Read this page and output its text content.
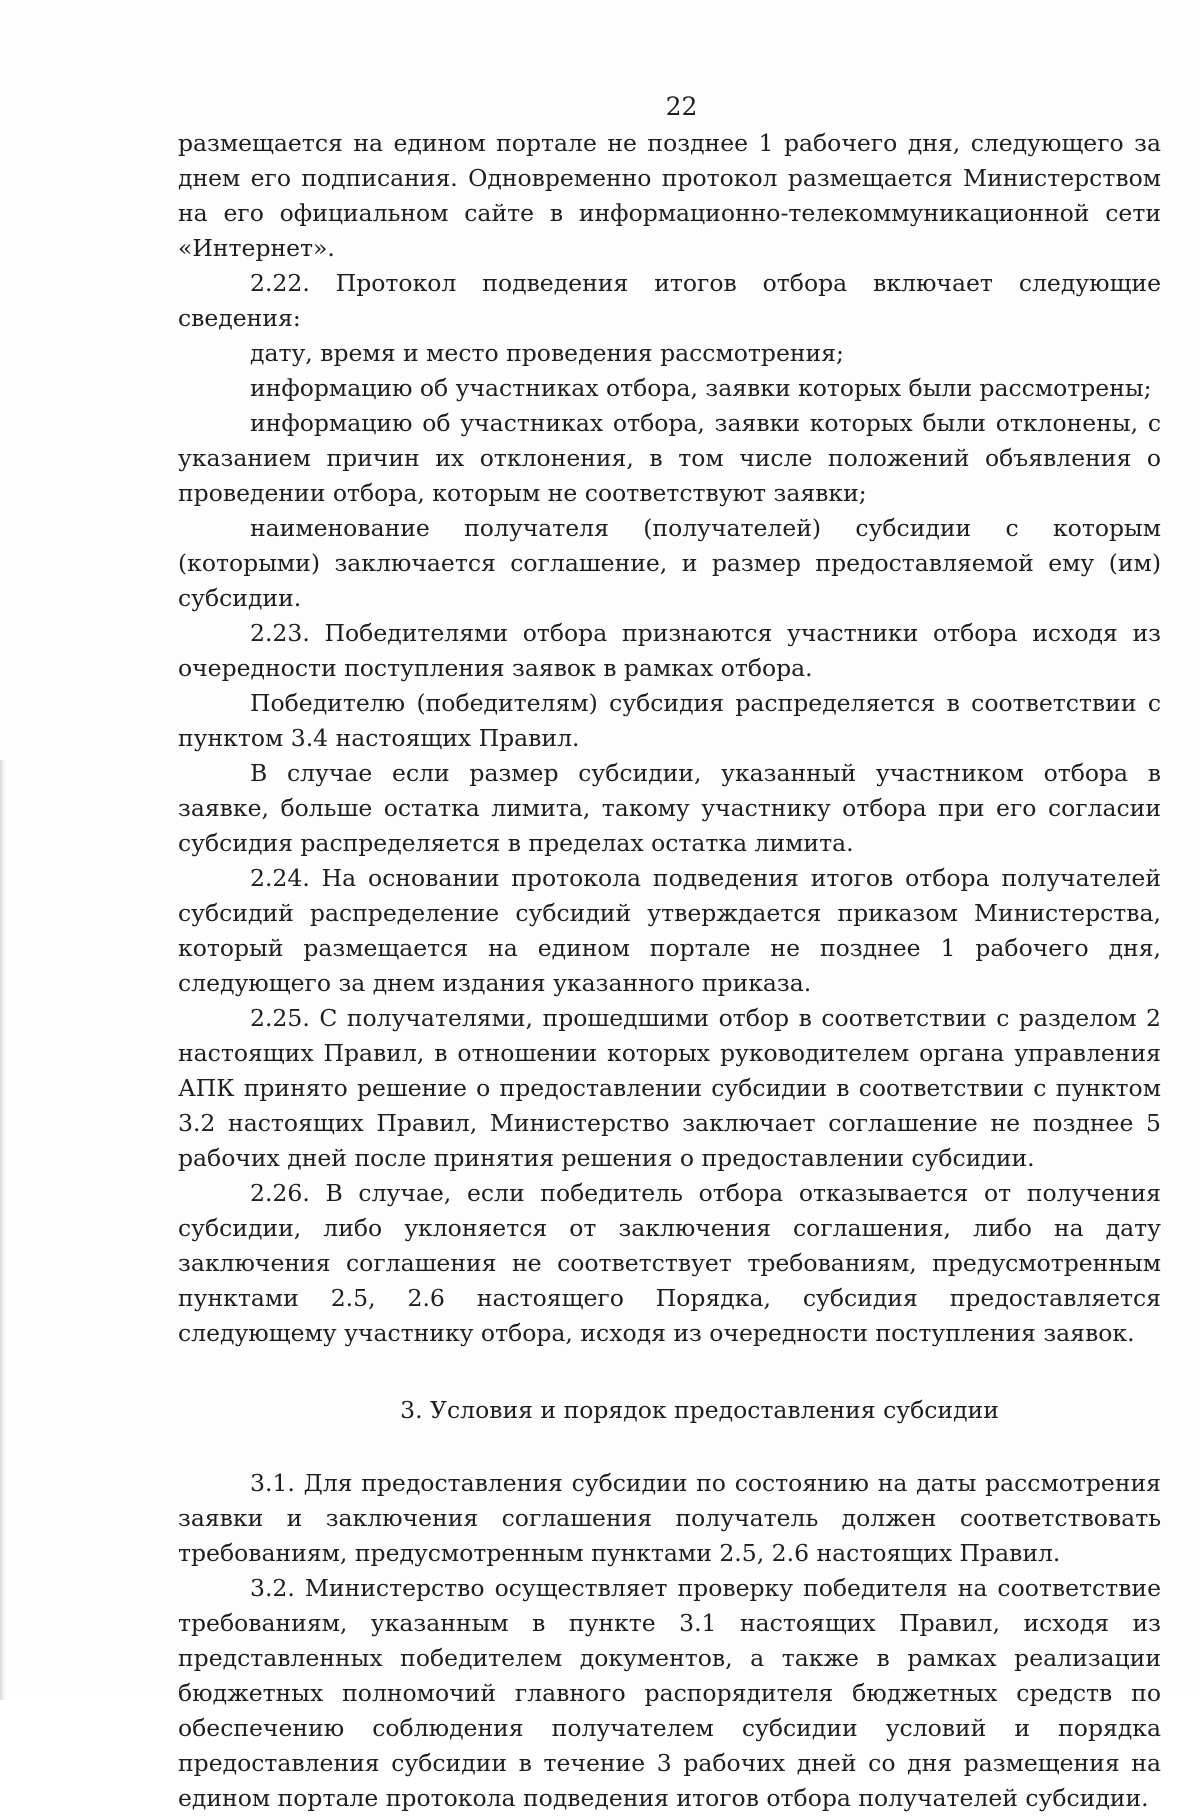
22

размещается на едином портале не позднее 1 рабочего дня, следующего за днем его подписания. Одновременно протокол размещается Министерством на его официальном сайте в информационно-телекоммуникационной сети «Интернет».

2.22. Протокол подведения итогов отбора включает следующие сведения:

дату, время и место проведения рассмотрения;

информацию об участниках отбора, заявки которых были рассмотрены;

информацию об участниках отбора, заявки которых были отклонены, с указанием причин их отклонения, в том числе положений объявления о проведении отбора, которым не соответствуют заявки;

наименование получателя (получателей) субсидии с которым (которыми) заключается соглашение, и размер предоставляемой ему (им) субсидии.

2.23. Победителями отбора признаются участники отбора исходя из очередности поступления заявок в рамках отбора.

Победителю (победителям) субсидия распределяется в соответствии с пунктом 3.4 настоящих Правил.

В случае если размер субсидии, указанный участником отбора в заявке, больше остатка лимита, такому участнику отбора при его согласии субсидия распределяется в пределах остатка лимита.

2.24. На основании протокола подведения итогов отбора получателей субсидий распределение субсидий утверждается приказом Министерства, который размещается на едином портале не позднее 1 рабочего дня, следующего за днем издания указанного приказа.

2.25. С получателями, прошедшими отбор в соответствии с разделом 2 настоящих Правил, в отношении которых руководителем органа управления АПК принято решение о предоставлении субсидии в соответствии с пунктом 3.2 настоящих Правил, Министерство заключает соглашение не позднее 5 рабочих дней после принятия решения о предоставлении субсидии.

2.26. В случае, если победитель отбора отказывается от получения субсидии, либо уклоняется от заключения соглашения, либо на дату заключения соглашения не соответствует требованиям, предусмотренным пунктами 2.5, 2.6 настоящего Порядка, субсидия предоставляется следующему участнику отбора, исходя из очередности поступления заявок.

3. Условия и порядок предоставления субсидии

3.1. Для предоставления субсидии по состоянию на даты рассмотрения заявки и заключения соглашения получатель должен соответствовать требованиям, предусмотренным пунктами 2.5, 2.6 настоящих Правил.

3.2. Министерство осуществляет проверку победителя на соответствие требованиям, указанным в пункте 3.1 настоящих Правил, исходя из представленных победителем документов, а также в рамках реализации бюджетных полномочий главного распорядителя бюджетных средств по обеспечению соблюдения получателем субсидии условий и порядка предоставления субсидии в течение 3 рабочих дней со дня размещения на едином портале протокола подведения итогов отбора получателей субсидии.
